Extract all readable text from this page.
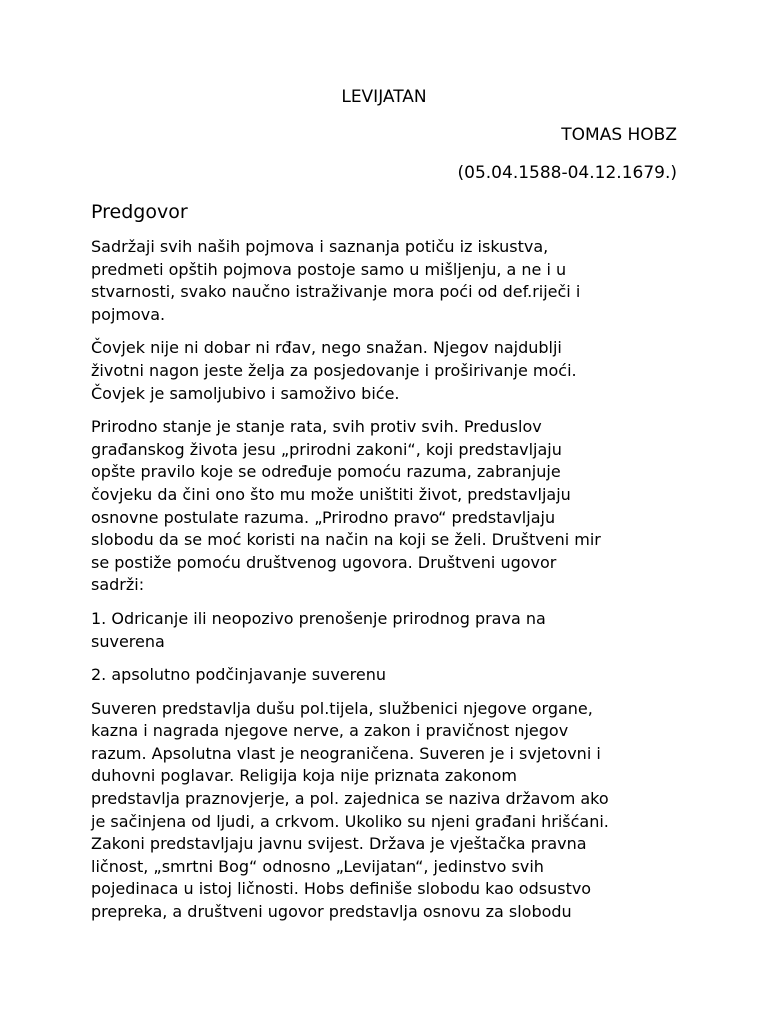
LEVIJATAN
TOMAS HOBZ
(05.04.1588-04.12.1679.)
Predgovor

Sadržaji svih naših pojmova i saznanja potiču iz iskustva,
predmeti opštih pojmova postoje samo u mišljenju, a ne i u
stvarnosti, svako naučno istraživanje mora poći od def.riječi i
pojmova.

Čovjek nije ni dobar ni rđav, nego snažan. Njegov najdublji
životni nagon jeste želja za posjedovanje i proširivanje moći.
Čovjek je samoljubivo i samoživo biće.

Prirodno stanje je stanje rata, svih protiv svih. Preduslov
građanskog života jesu „prirodni zakoni“, koji predstavljaju
opšte pravilo koje se određuje pomoću razuma, zabranjuje
čovjeku da čini ono što mu može uništiti život, predstavljaju
osnovne postulate razuma. „Prirodno pravo“ predstavljaju
slobodu da se moć koristi na način na koji se želi. Društveni mir
se postiže pomoću društvenog ugovora. Društveni ugovor
sadrži:

1. Odricanje ili neopozivo prenošenje prirodnog prava na
suverena

2. apsolutno podčinjavanje suverenu

Suveren predstavlja dušu pol.tijela, službenici njegove organe,
kazna i nagrada njegove nerve, a zakon i pravičnost njegov
razum. Apsolutna vlast je neograničena. Suveren je i svjetovni i
duhovni poglavar. Religija koja nije priznata zakonom
predstavlja praznovjerje, a pol. zajednica se naziva državom ako
je sačinjena od ljudi, a crkvom. Ukoliko su njeni građani hrišćani.
Zakoni predstavljaju javnu svijest. Država je vještačka pravna
ličnost, „smrtni Bog“ odnosno „Levijatan“, jedinstvo svih
pojedinaca u istoj ličnosti. Hobs definiše slobodu kao odsustvo
prepreka, a društveni ugovor predstavlja osnovu za slobodu
